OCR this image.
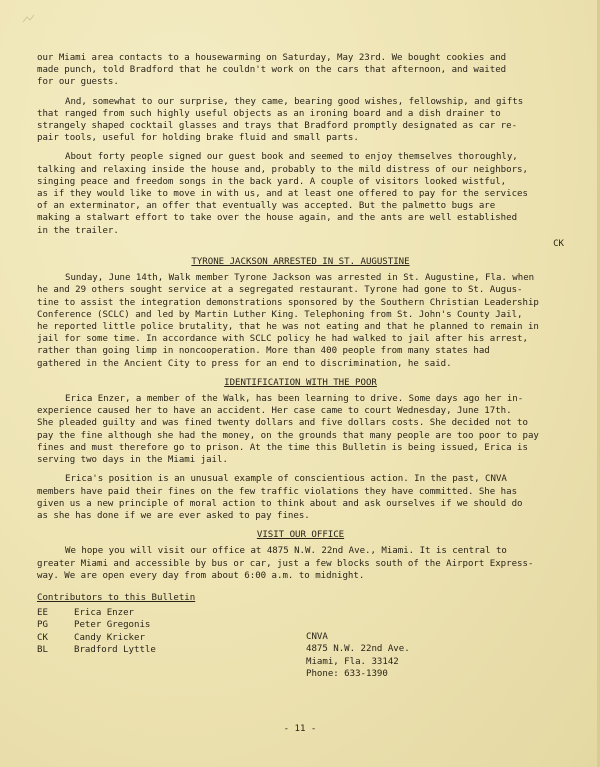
our Miami area contacts to a housewarming on Saturday, May 23rd. We bought cookies and
made punch, told Bradford that he couldn't work on the cars that afternoon, and waited
for our guests.

And, somewhat to our surprise, they came, bearing good wishes, fellowship, and gifts
that ranged from such highly useful objects as an ironing board and a dish drainer to
strangely shaped cocktail glasses and trays that Bradford promptly designated as car re-
pair tools, useful for holding brake fluid and small parts.

About forty people signed our guest book and seemed to enjoy themselves thoroughly,
talking and relaxing inside the house and, probably to the mild distress of our neighbors,
singing peace and freedom songs in the back yard. A couple of visitors looked wistful,
as if they would like to move in with us, and at least one offered to pay for the services
of an exterminator, an offer that eventually was accepted. But the palmetto bugs are
making a stalwart effort to take over the house again, and the ants are well established
in the trailer.

CK

TYRONE JACKSON ARRESTED IN ST. AUGUSTINE

Sunday, June 14th, Walk member Tyrone Jackson was arrested in St. Augustine, Fla. when
he and 29 others sought service at a segregated restaurant. Tyrone had gone to St. Augus-
tine to assist the integration demonstrations sponsored by the Southern Christian Leadership
Conference (SCLC) and led by Martin Luther King. Telephoning from St. John's County Jail,
he reported little police brutality, that he was not eating and that he planned to remain in
jail for some time. In accordance with SCLC policy he had walked to jail after his arrest,
rather than going limp in noncooperation. More than 400 people from many states had
gathered in the Ancient City to press for an end to discrimination, he said.

IDENTIFICATION WITH THE POOR

Erica Enzer, a member of the Walk, has been learning to drive. Some days ago her in-
experience caused her to have an accident. Her case came to court Wednesday, June 17th.
She pleaded guilty and was fined twenty dollars and five dollars costs. She decided not to
pay the fine although she had the money, on the grounds that many people are too poor to pay
fines and must therefore go to prison. At the time this Bulletin is being issued, Erica is
serving two days in the Miami jail.

Erica's position is an unusual example of conscientious action. In the past, CNVA
members have paid their fines on the few traffic violations they have committed. She has
given us a new principle of moral action to think about and ask ourselves if we should do
as she has done if we are ever asked to pay fines.

VISIT OUR OFFICE

We hope you will visit our office at 4875 N.W. 22nd Ave., Miami. It is central to
greater Miami and accessible by bus or car, just a few blocks south of the Airport Express-
way. We are open every day from about 6:00 a.m. to midnight.

Contributors to this Bulletin

EE	Erica Enzer
PG	Peter Gregonis
CK	Candy Kricker
BL	Bradford Lyttle
CNVA
4875 N.W. 22nd Ave.
Miami, Fla. 33142
Phone: 633-1390
- 11 -
